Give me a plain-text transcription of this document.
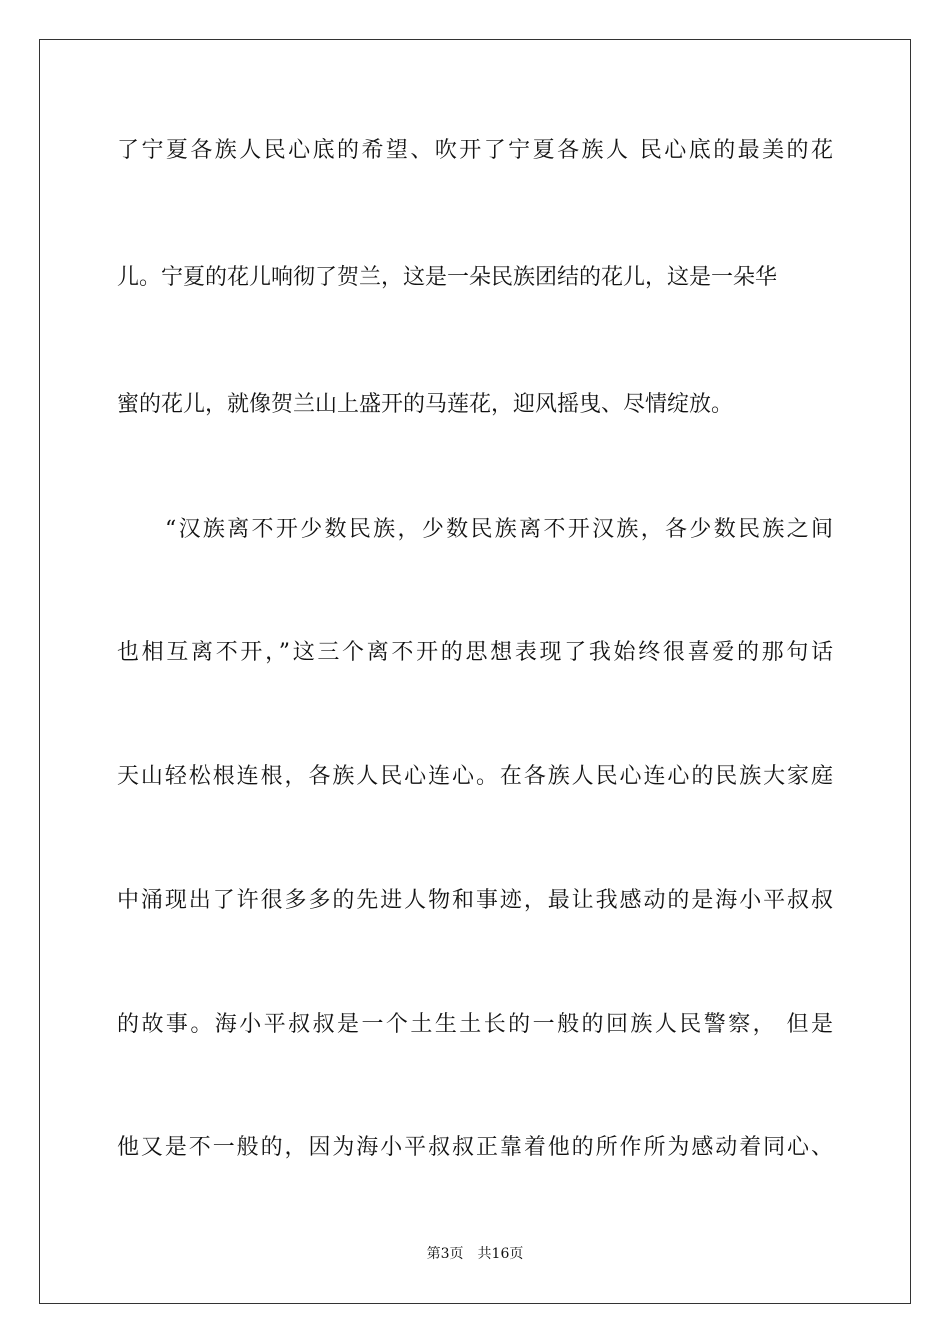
了宁夏各族人民心底的希望、吹开了宁夏各族人 民心底的最美的花
儿。宁夏的花儿响彻了贺兰，这是一朵民族团结的花儿，这是一朵华
蜜的花儿，就像贺兰山上盛开的马莲花，迎风摇曳、尽情绽放。
“汉族离不开少数民族，少数民族离不开汉族，各少数民族之间
也相互离不开，”这三个离不开的思想表现了我始终很喜爱的那句话
天山轻松根连根，各族人民心连心。在各族人民心连心的民族大家庭
中涌现出了许很多多的先进人物和事迹，最让我感动的是海小平叔叔
的故事。海小平叔叔是一个土生土长的一般的回族人民警察， 但是
他又是不一般的，因为海小平叔叔正靠着他的所作所为感动着同心、
第3页 共16页
